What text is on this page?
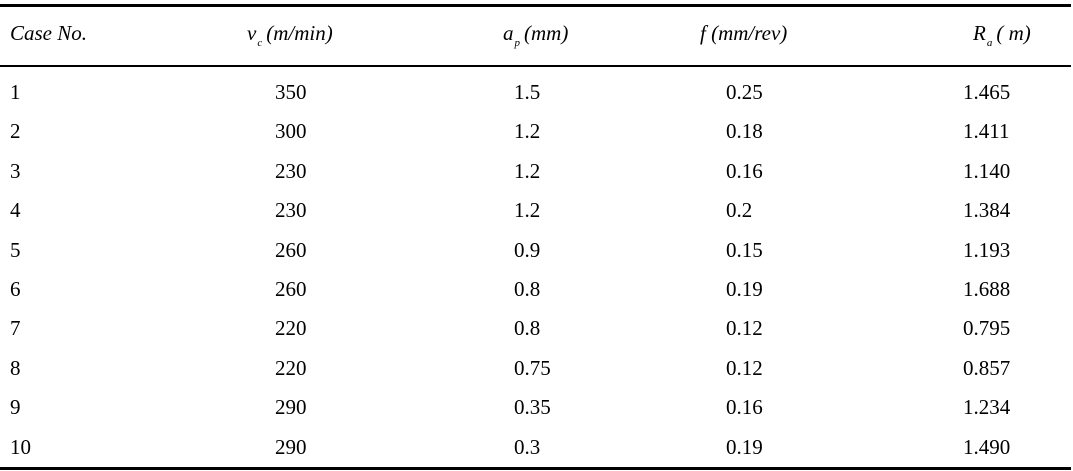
Case No.	$v_c$ (m/min)	$a_p$ (mm)	f (mm/rev)	$R_a$ ( m)
1	350	1.5	0.25	1.465
2	300	1.2	0.18	1.411
3	230	1.2	0.16	1.140
4	230	1.2	0.2	1.384
5	260	0.9	0.15	1.193
6	260	0.8	0.19	1.688
7	220	0.8	0.12	0.795
8	220	0.75	0.12	0.857
9	290	0.35	0.16	1.234
10	290	0.3	0.19	1.490
